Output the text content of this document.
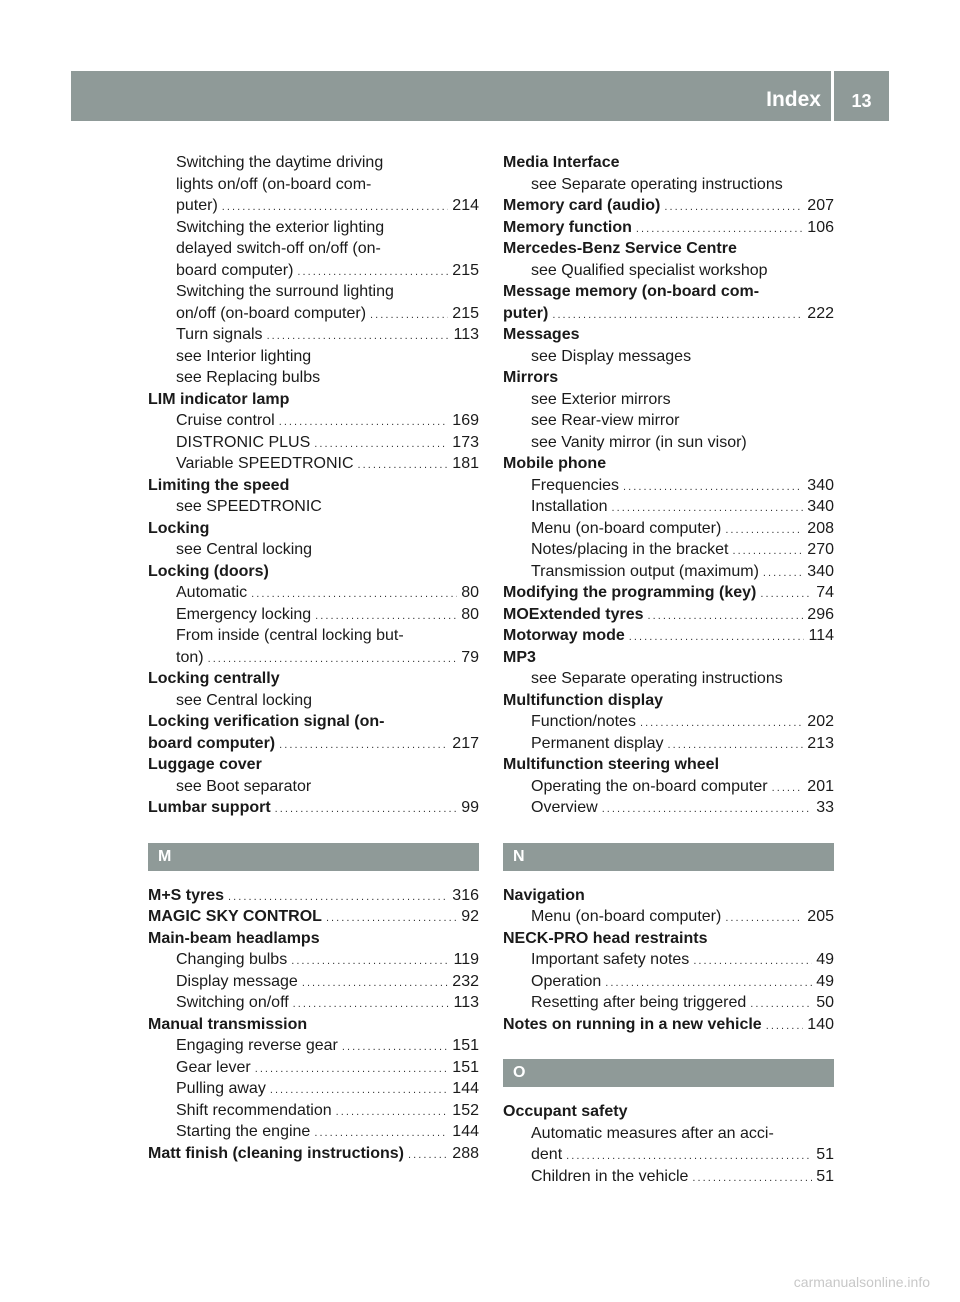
Index	13
Switching the daytime driving
lights on/off (on-board com-
puter) . . .	214
Switching the exterior lighting
delayed switch-off on/off (on-
board computer) . . .	215
Switching the surround lighting
on/off (on-board computer) . . .	215
Turn signals . . .	113
see Interior lighting
see Replacing bulbs
LIM indicator lamp
Cruise control . . .	169
DISTRONIC PLUS . . .	173
Variable SPEEDTRONIC . . .	181
Limiting the speed
see SPEEDTRONIC
Locking
see Central locking
Locking (doors)
Automatic . . .	80
Emergency locking . . .	80
From inside (central locking but-
ton) . . .	79
Locking centrally
see Central locking
Locking verification signal (on-
board computer) . . .	217
Luggage cover
see Boot separator
Lumbar support . . .	99
M
M+S tyres . . .	316
MAGIC SKY CONTROL . . .	92
Main-beam headlamps
Changing bulbs . . .	119
Display message . . .	232
Switching on/off . . .	113
Manual transmission
Engaging reverse gear . . .	151
Gear lever . . .	151
Pulling away . . .	144
Shift recommendation . . .	152
Starting the engine . . .	144
Matt finish (cleaning instructions) . . .	288
Media Interface
see Separate operating instructions
Memory card (audio) . . .	207
Memory function . . .	106
Mercedes-Benz Service Centre
see Qualified specialist workshop
Message memory (on-board com-
puter) . . .	222
Messages
see Display messages
Mirrors
see Exterior mirrors
see Rear-view mirror
see Vanity mirror (in sun visor)
Mobile phone
Frequencies . . .	340
Installation . . .	340
Menu (on-board computer) . . .	208
Notes/placing in the bracket . . .	270
Transmission output (maximum) . . .	340
Modifying the programming (key) . . .	74
MOExtended tyres . . .	296
Motorway mode . . .	114
MP3
see Separate operating instructions
Multifunction display
Function/notes . . .	202
Permanent display . . .	213
Multifunction steering wheel
Operating the on-board computer . . . 201
Overview . . .	33
N
Navigation
Menu (on-board computer) . . .	205
NECK-PRO head restraints
Important safety notes . . .	49
Operation . . .	49
Resetting after being triggered . . .	50
Notes on running in a new vehicle . . .	140
O
Occupant safety
Automatic measures after an acci-
dent . . .	51
Children in the vehicle . . .	51
carmanualsonline.info
